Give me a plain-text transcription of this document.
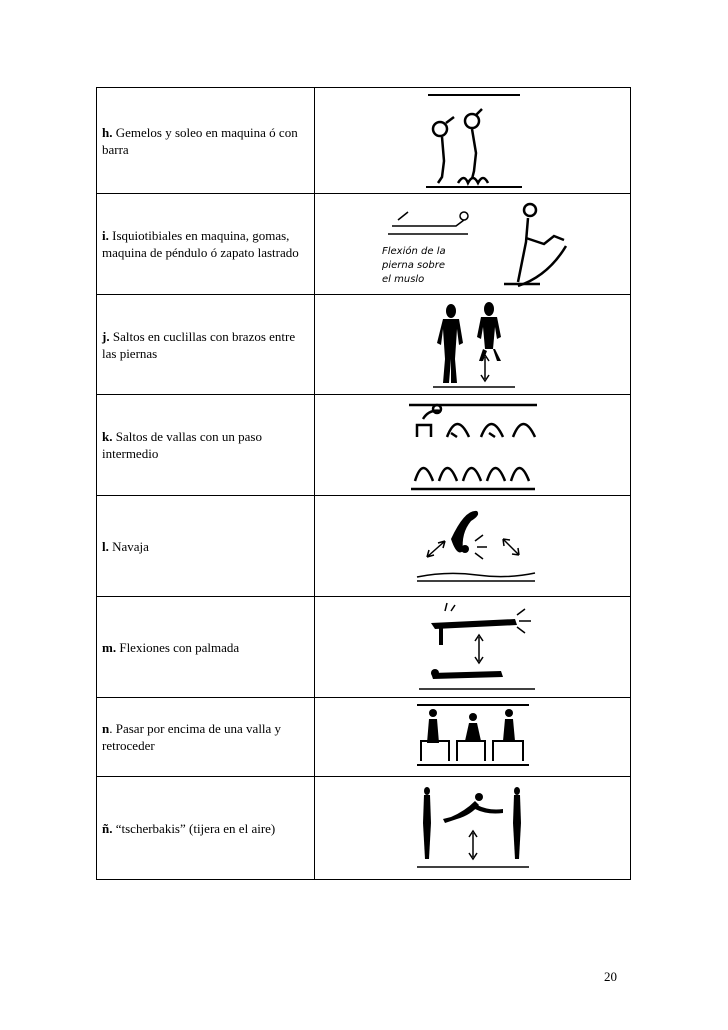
h. Gemelos y soleo en maquina ó con barra	

i. Isquiotibiales en maquina, gomas, maquina de péndulo ó zapato lastrado	Flexión de la
pierna sobre
el muslo

j. Saltos en cuclillas con brazos entre las piernas	

k. Saltos de vallas con un paso intermedio	

l. Navaja	

m. Flexiones con palmada	

n. Pasar por encima de una valla y retroceder	

ñ. “tscherbakis” (tijera en el aire)	
20
